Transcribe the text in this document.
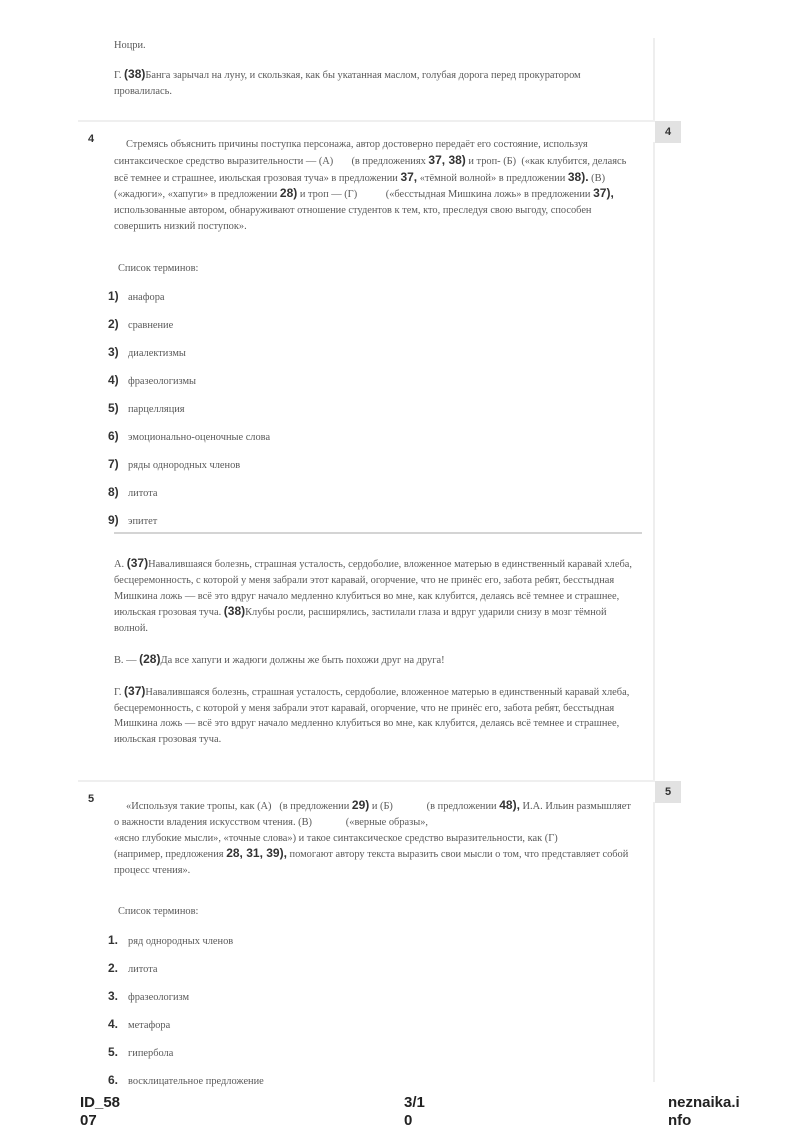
Ноцри.

Г. (38)Банга зарычал на луну, и скользкая, как бы укатанная маслом, голубая дорога перед прокуратором провалилась.

4
4

Стремясь объяснить причины поступка персонажа, автор достоверно передаёт его состояние, используя синтаксическое средство выразительности — (А) (в предложениях 37, 38) и троп- (Б) («как клубится, делаясь всё темнее и страшнее, июльская грозовая туча» в предложении 37, «тёмной волной» в предложении 38). (В)         («жадюги», «хапуги» в предложении 28) и троп — (Г)	(«бесстыдная Мишкина ложь» в предложении 37), использованные автором, обнаруживают отношение студентов к тем, кто, преследуя свою выгоду, способен совершить низкий поступок».

Список терминов:
1) анафора
2) сравнение
3) диалектизмы
4) фразеологизмы
5) парцелляция
6) эмоционально-оценочные слова
7) ряды однородных членов
8) литота
9) эпитет

А. (37)Навалившаяся болезнь, страшная усталость, сердоболие, вложенное матерью в единственный каравай хлеба, бесцеремонность, с которой у меня забрали этот каравай, огорчение, что не принёс его, забота ребят, бесстыдная Мишкина ложь — всё это вдруг начало медленно клубиться во мне, как клубится, делаясь всё темнее и страшнее, июльская грозовая туча. (38)Клубы росли, расширялись, застилали глаза и вдруг ударили снизу в мозг тёмной волной.

В. — (28)Да все хапуги и жадюги должны же быть похожи друг на друга!

Г. (37)Навалившаяся болезнь, страшная усталость, сердоболие, вложенное матерью в единственный каравай хлеба, бесцеремонность, с которой у меня забрали этот каравай, огорчение, что не принёс его, забота ребят, бесстыдная Мишкина ложь — всё это вдруг начало медленно клубиться во мне, как клубится, делаясь всё темнее и страшнее, июльская грозовая туча.

5
5

«Используя такие тропы, как (А) (в предложении 29) и (Б)	(в предложении 48), И.А. Ильин размышляет о важности владения искусством чтения. (В)	(«верные образы»,

«ясно глубокие мысли», «точные слова») и такое синтаксическое средство выразительности, как (Г)           (например, предложения 28, 31, 39), помогают автору текста выразить свои мысли о том, что представляет собой процесс чтения».

Список терминов:
1. ряд однородных членов
2. литота
3. фразеологизм
4. метафора
5. гипербола
6. восклицательное предложение
ID_58
07
3/1
0
neznaika.i
nfo
